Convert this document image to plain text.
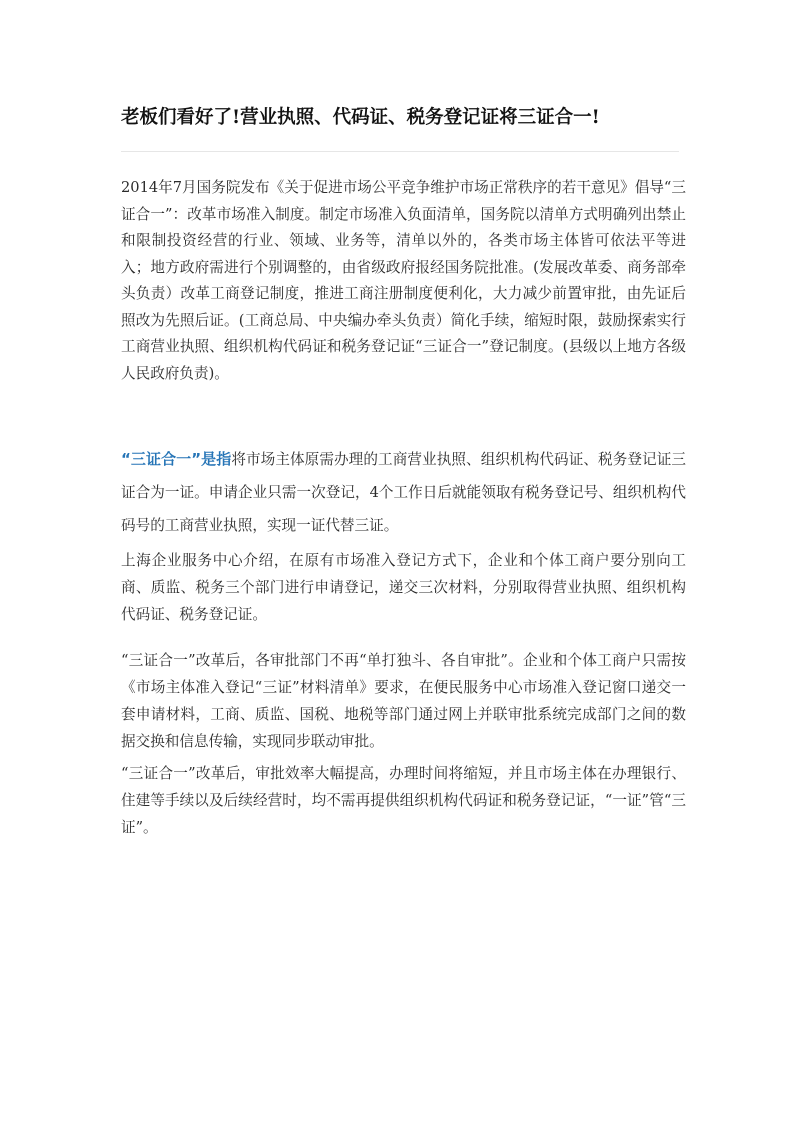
老板们看好了!营业执照、代码证、税务登记证将三证合一!

2014年7月国务院发布《关于促进市场公平竞争维护市场正常秩序的若干意见》倡导“三证合一”：改革市场准入制度。制定市场准入负面清单，国务院以清单方式明确列出禁止和限制投资经营的行业、领域、业务等，清单以外的，各类市场主体皆可依法平等进入；地方政府需进行个别调整的，由省级政府报经国务院批准。(发展改革委、商务部牵头负责）改革工商登记制度，推进工商注册制度便利化，大力减少前置审批，由先证后照改为先照后证。(工商总局、中央编办牵头负责）简化手续，缩短时限，鼓励探索实行工商营业执照、组织机构代码证和税务登记证“三证合一”登记制度。(县级以上地方各级人民政府负责)。

“三证合一”是指将市场主体原需办理的工商营业执照、组织机构代码证、税务登记证三证合为一证。申请企业只需一次登记，4个工作日后就能领取有税务登记号、组织机构代码号的工商营业执照，实现一证代替三证。

上海企业服务中心介绍，在原有市场准入登记方式下，企业和个体工商户要分别向工商、质监、税务三个部门进行申请登记，递交三次材料，分别取得营业执照、组织机构代码证、税务登记证。

“三证合一”改革后，各审批部门不再“单打独斗、各自审批”。企业和个体工商户只需按《市场主体准入登记“三证”材料清单》要求，在便民服务中心市场准入登记窗口递交一套申请材料，工商、质监、国税、地税等部门通过网上并联审批系统完成部门之间的数据交换和信息传输，实现同步联动审批。

“三证合一”改革后，审批效率大幅提高，办理时间将缩短，并且市场主体在办理银行、住建等手续以及后续经营时，均不需再提供组织机构代码证和税务登记证，“一证”管“三证”。
